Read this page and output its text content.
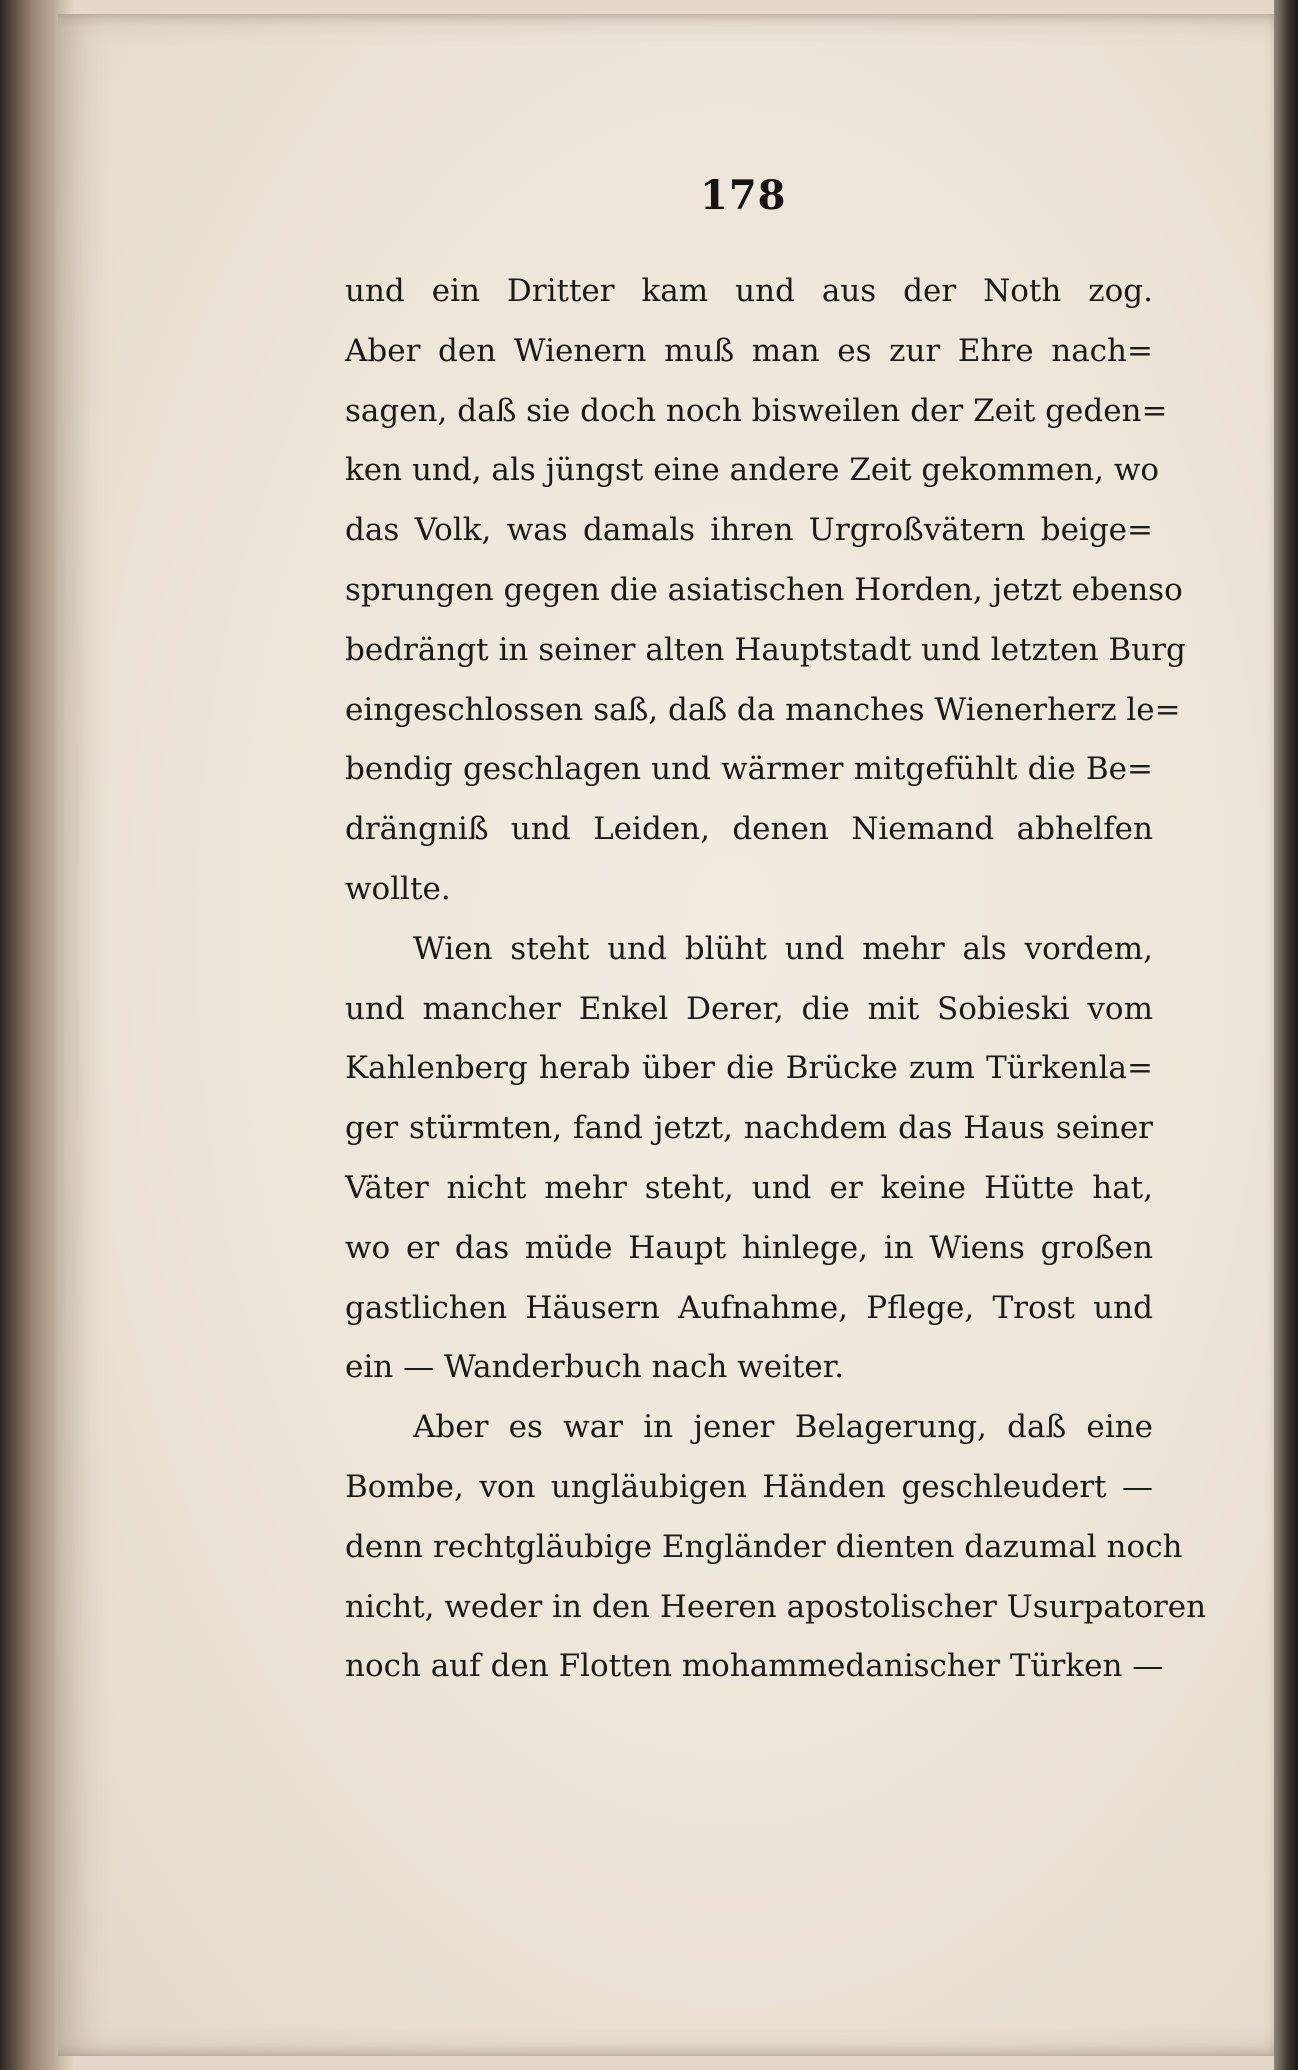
178

und ein Dritter kam und aus der Noth zog.
Aber den Wienern muß man es zur Ehre nach=
sagen, daß sie doch noch bisweilen der Zeit geden=
ken und, als jüngst eine andere Zeit gekommen, wo
das Volk, was damals ihren Urgroßvätern beige=
sprungen gegen die asiatischen Horden, jetzt ebenso
bedrängt in seiner alten Hauptstadt und letzten Burg
eingeschlossen saß, daß da manches Wienerherz le=
bendig geschlagen und wärmer mitgefühlt die Be=
drängniß und Leiden, denen Niemand abhelfen
wollte.

Wien steht und blüht und mehr als vordem,
und mancher Enkel Derer, die mit Sobieski vom
Kahlenberg herab über die Brücke zum Türkenla=
ger stürmten, fand jetzt, nachdem das Haus seiner
Väter nicht mehr steht, und er keine Hütte hat,
wo er das müde Haupt hinlege, in Wiens großen
gastlichen Häusern Aufnahme, Pflege, Trost und
ein — Wanderbuch nach weiter.

Aber es war in jener Belagerung, daß eine
Bombe, von ungläubigen Händen geschleudert —
denn rechtgläubige Engländer dienten dazumal noch
nicht, weder in den Heeren apostolischer Usurpatoren
noch auf den Flotten mohammedanischer Türken —
